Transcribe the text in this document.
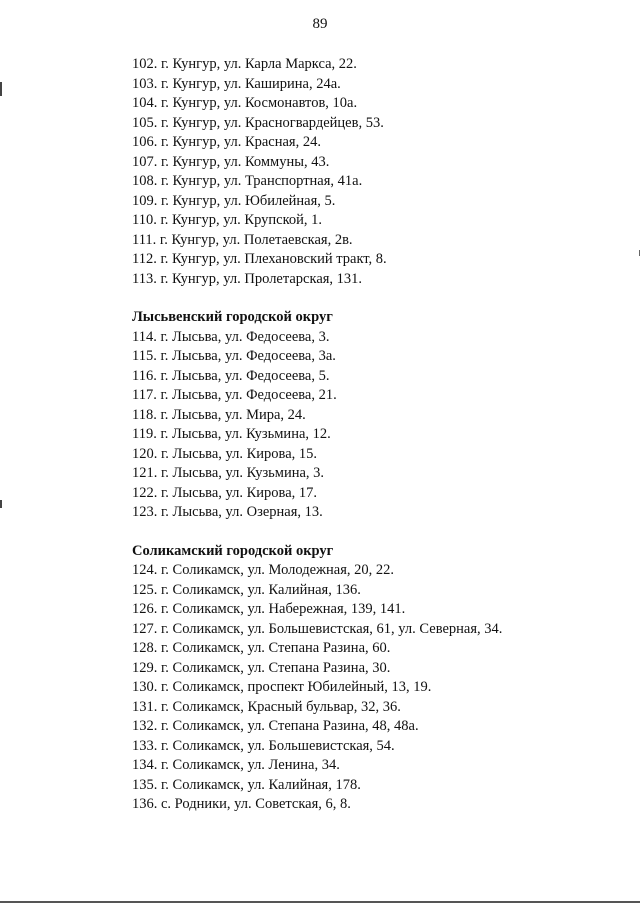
89
102. г. Кунгур, ул. Карла Маркса, 22.
103. г. Кунгур, ул. Каширина, 24а.
104. г. Кунгур, ул. Космонавтов, 10а.
105. г. Кунгур, ул. Красногвардейцев, 53.
106. г. Кунгур, ул. Красная, 24.
107. г. Кунгур, ул. Коммуны, 43.
108. г. Кунгур, ул. Транспортная, 41а.
109. г. Кунгур, ул. Юбилейная, 5.
110. г. Кунгур, ул. Крупской, 1.
111. г. Кунгур, ул. Полетаевская, 2в.
112. г. Кунгур, ул. Плехановский тракт, 8.
113. г. Кунгур, ул. Пролетарская, 131.
Лысьвенский городской округ
114. г. Лысьва, ул. Федосеева, 3.
115. г. Лысьва, ул. Федосеева, 3а.
116. г. Лысьва, ул. Федосеева, 5.
117. г. Лысьва, ул. Федосеева, 21.
118. г. Лысьва, ул. Мира, 24.
119. г. Лысьва, ул. Кузьмина, 12.
120. г. Лысьва, ул. Кирова, 15.
121. г. Лысьва, ул. Кузьмина, 3.
122. г. Лысьва, ул. Кирова, 17.
123. г. Лысьва, ул. Озерная, 13.
Соликамский городской округ
124. г. Соликамск, ул. Молодежная, 20, 22.
125. г. Соликамск, ул. Калийная, 136.
126. г. Соликамск, ул. Набережная, 139, 141.
127. г. Соликамск, ул. Большевистская, 61, ул. Северная, 34.
128. г. Соликамск, ул. Степана Разина, 60.
129. г. Соликамск, ул. Степана Разина, 30.
130. г. Соликамск, проспект Юбилейный, 13, 19.
131. г. Соликамск, Красный бульвар, 32, 36.
132. г. Соликамск, ул. Степана Разина, 48, 48а.
133. г. Соликамск, ул. Большевистская, 54.
134. г. Соликамск, ул. Ленина, 34.
135. г. Соликамск, ул. Калийная, 178.
136. с. Родники, ул. Советская, 6, 8.
